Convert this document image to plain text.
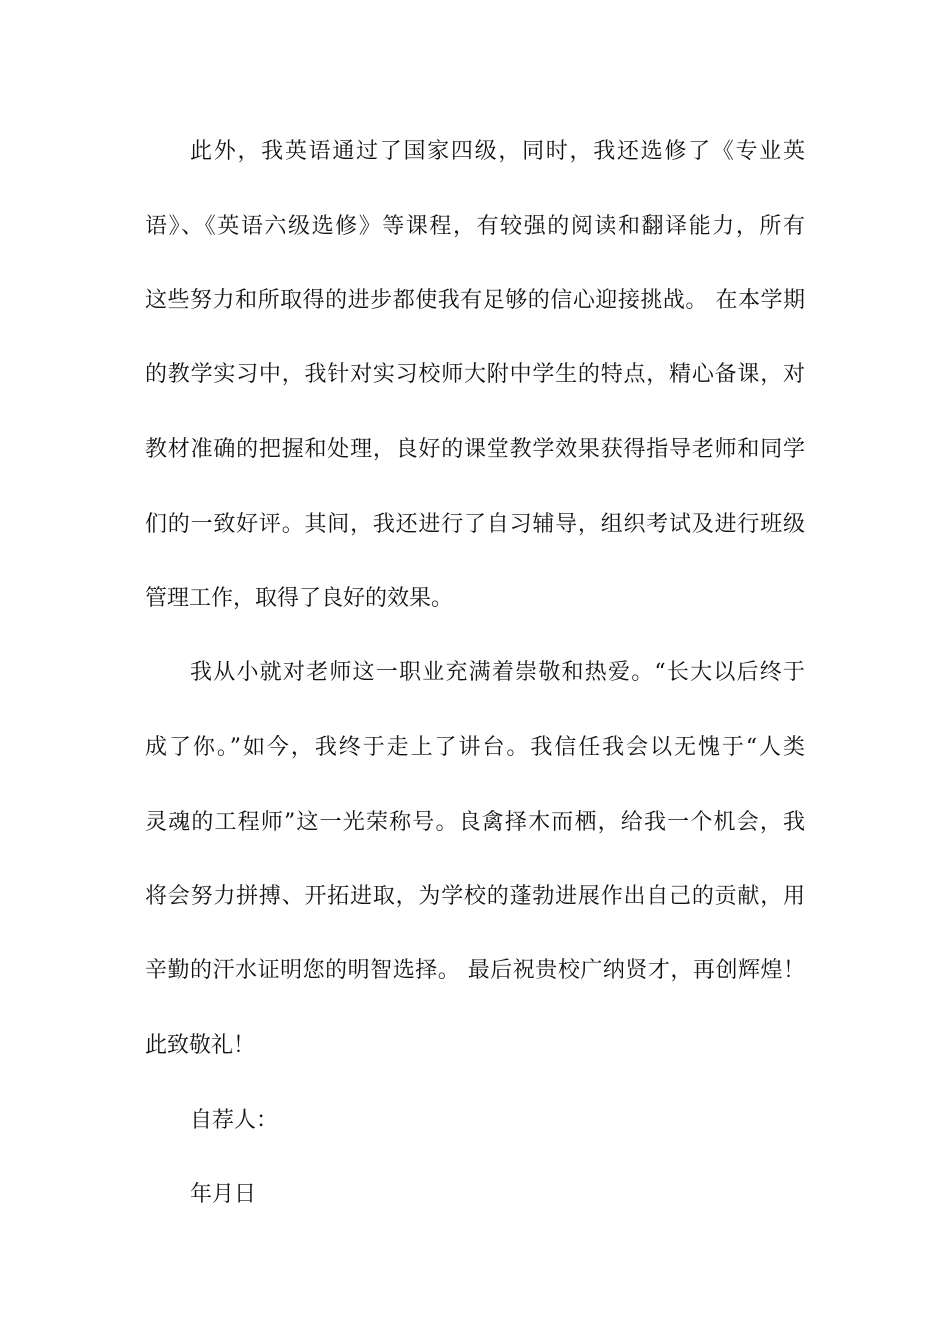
此外，我英语通过了国家四级，同时，我还选修了《专业英
语》、《英语六级选修》等课程，有较强的阅读和翻译能力，所有
这些努力和所取得的进步都使我有足够的信心迎接挑战。 在本学期
的教学实习中，我针对实习校师大附中学生的特点，精心备课，对
教材准确的把握和处理，良好的课堂教学效果获得指导老师和同学
们的一致好评。其间，我还进行了自习辅导，组织考试及进行班级
管理工作，取得了良好的效果。
我从小就对老师这一职业充满着崇敬和热爱。“长大以后终于
成了你。”如今，我终于走上了讲台。我信任我会以无愧于“人类
灵魂的工程师”这一光荣称号。良禽择木而栖，给我一个机会，我
将会努力拼搏、开拓进取，为学校的蓬勃进展作出自己的贡献，用
辛勤的汗水证明您的明智选择。 最后祝贵校广纳贤才，再创辉煌！
此致敬礼！
自荐人：
年月日
